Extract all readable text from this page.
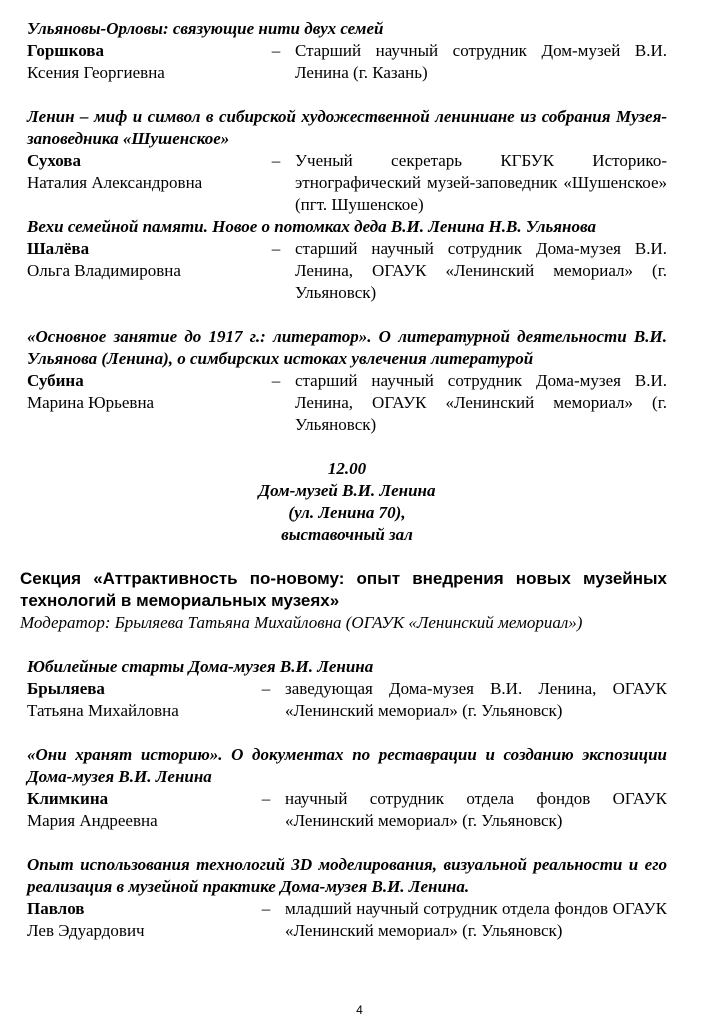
Ульяновы-Орловы: связующие нити двух семей
Горшкова
Ксения Георгиевна
– Старший научный сотрудник Дом-музей В.И. Ленина (г. Казань)
Ленин – миф и символ в сибирской художественной лениниане из собрания Музея-заповедника «Шушенское»
Сухова
Наталия Александровна
– Ученый секретарь КГБУК Историко-этнографический музей-заповедник «Шушенское» (пгт. Шушенское)
Вехи семейной памяти. Новое о потомках деда В.И. Ленина Н.В. Ульянова
Шалёва
Ольга Владимировна
– старший научный сотрудник Дома-музея В.И. Ленина, ОГАУК «Ленинский мемориал» (г. Ульяновск)
«Основное занятие до 1917 г.: литератор». О литературной деятельности В.И. Ульянова (Ленина), о симбирских истоках увлечения литературой
Субина
Марина Юрьевна
– старший научный сотрудник Дома-музея В.И. Ленина, ОГАУК «Ленинский мемориал» (г. Ульяновск)
12.00
Дом-музей В.И. Ленина
(ул. Ленина 70),
выставочный зал
Секция «Аттрактивность по-новому: опыт внедрения новых музейных технологий в мемориальных музеях»
Модератор: Брыляева Татьяна Михайловна (ОГАУК «Ленинский мемориал»)
Юбилейные старты Дома-музея В.И. Ленина
Брыляева
Татьяна Михайловна
– заведующая Дома-музея В.И. Ленина, ОГАУК «Ленинский мемориал» (г. Ульяновск)
«Они хранят историю». О документах по реставрации и созданию экспозиции Дома-музея В.И. Ленина
Климкина
Мария Андреевна
– научный сотрудник отдела фондов ОГАУК «Ленинский мемориал» (г. Ульяновск)
Опыт использования технологий 3D моделирования, визуальной реальности и его реализация в музейной практике Дома-музея В.И. Ленина.
Павлов
Лев Эдуардович
– младший научный сотрудник отдела фондов ОГАУК «Ленинский мемориал» (г. Ульяновск)
4
